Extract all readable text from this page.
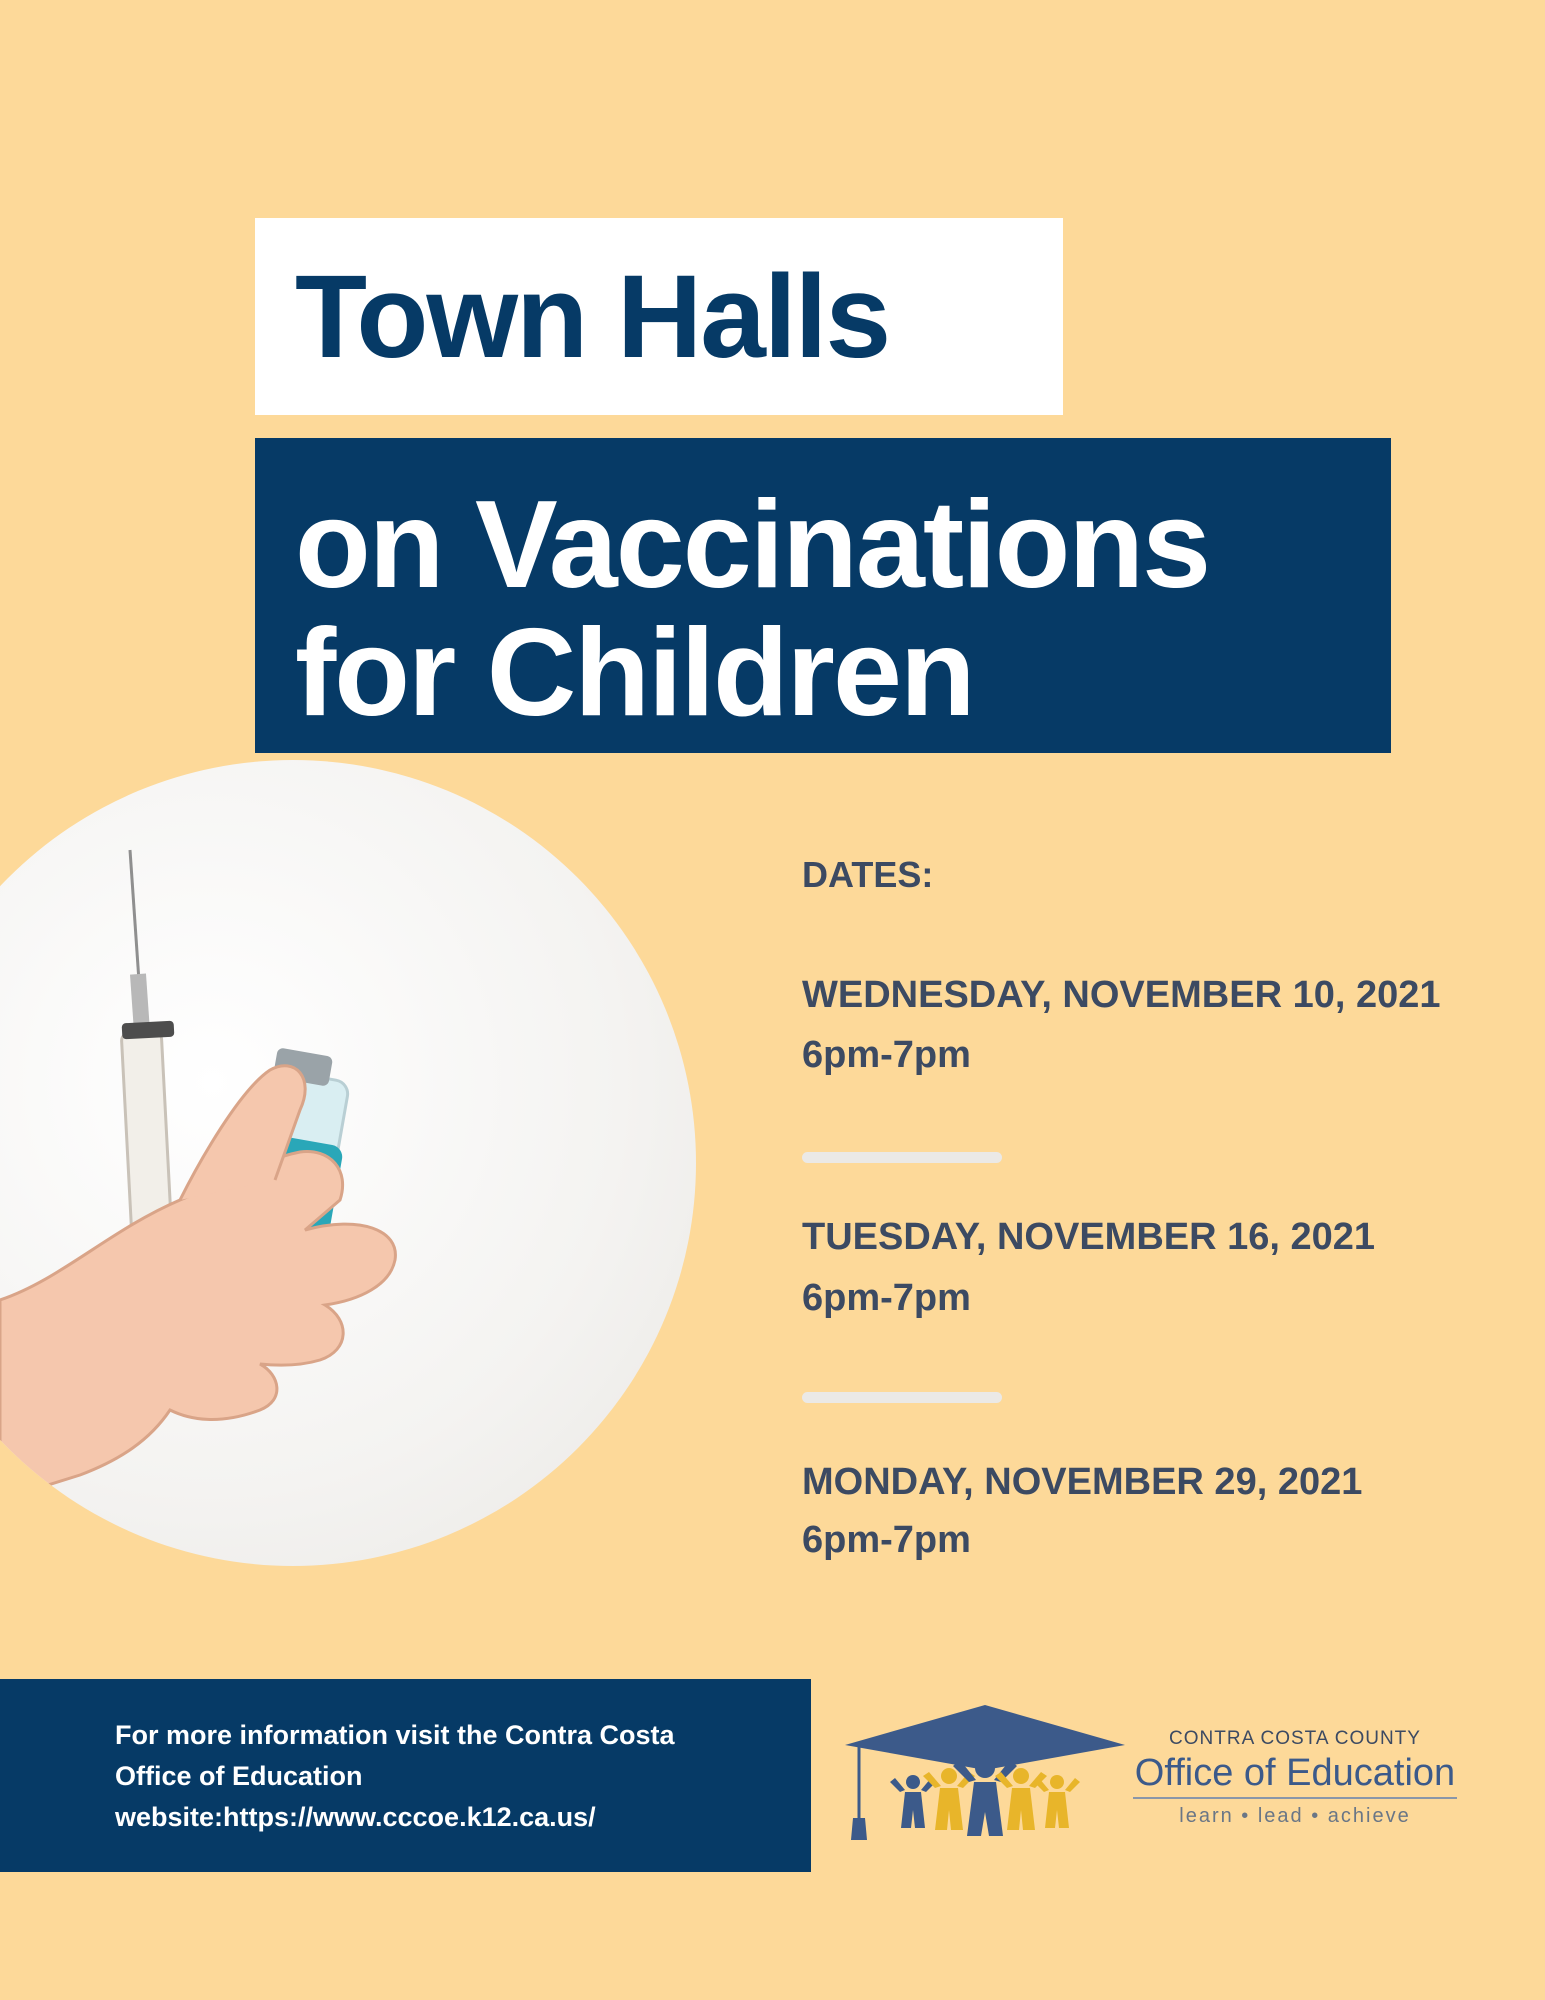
Town Halls
on Vaccinations
for Children
DATES:
WEDNESDAY, NOVEMBER 10, 2021
6pm-7pm
TUESDAY, NOVEMBER 16, 2021
6pm-7pm
MONDAY, NOVEMBER 29, 2021
6pm-7pm
For more information visit the Contra Costa
Office of Education
website:https://www.cccoe.k12.ca.us/
CONTRA COSTA COUNTY
Office of Education
learn • lead • achieve
